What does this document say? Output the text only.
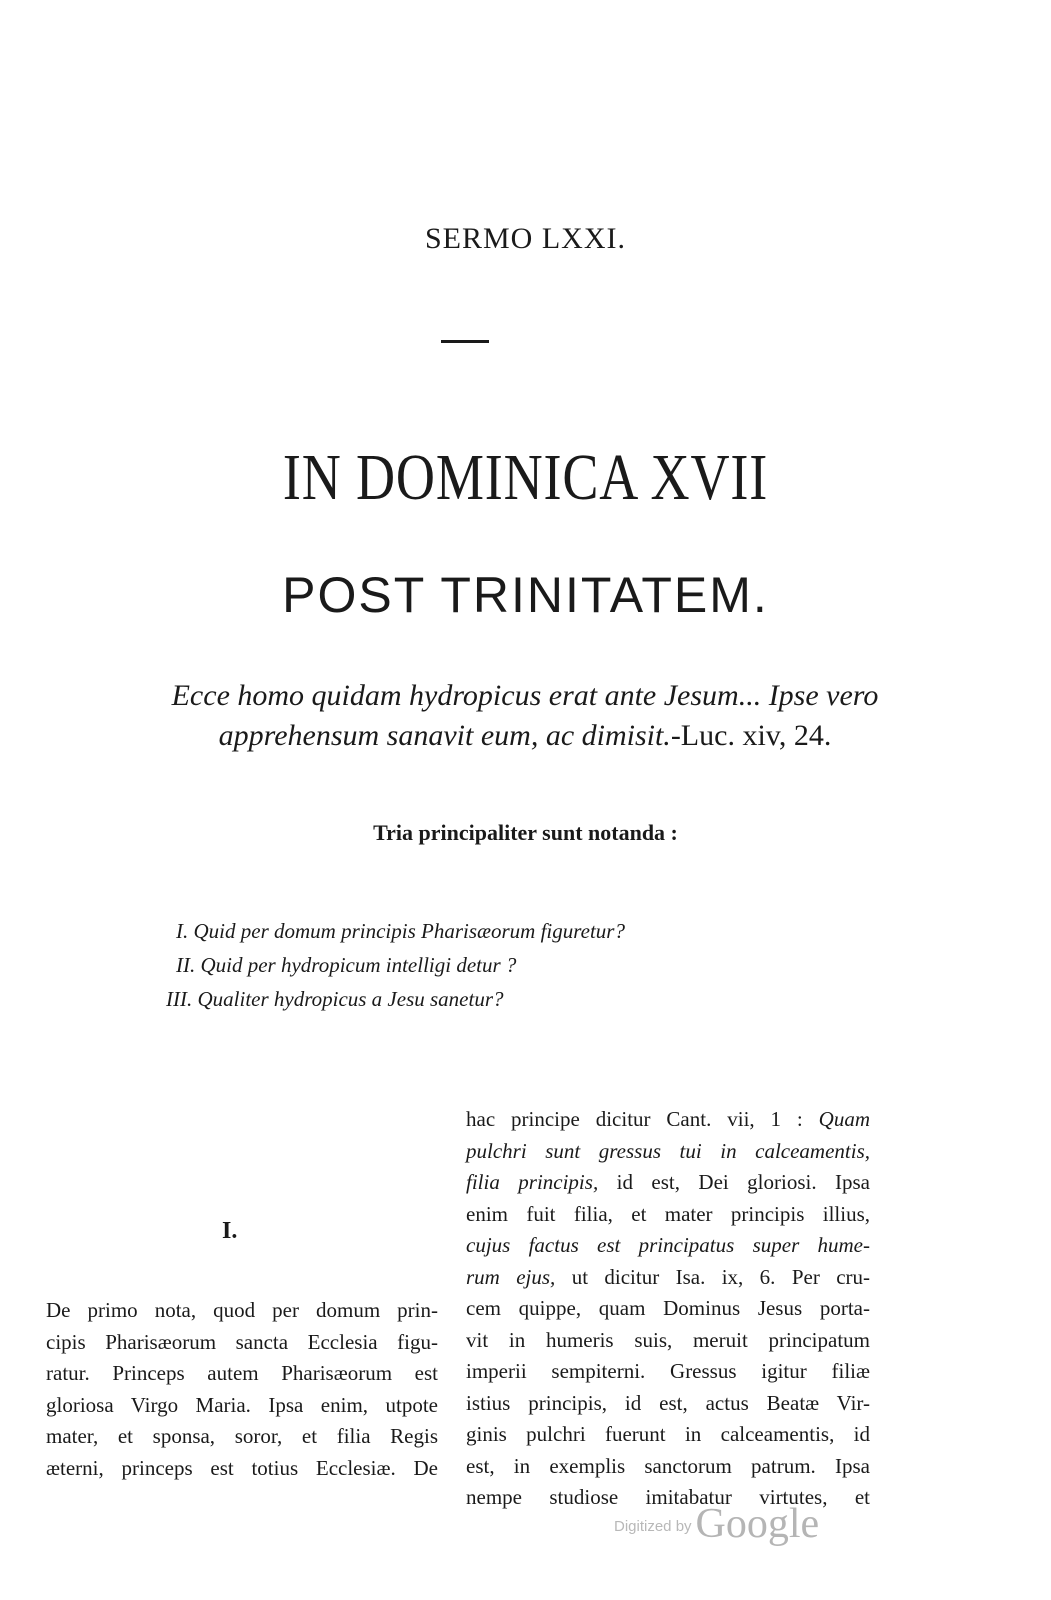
SERMO LXXI.
IN DOMINICA XVII
POST TRINITATEM.
Ecce homo quidam hydropicus erat ante Jesum... Ipse vero
apprehensum sanavit eum, ac dimisit.-Luc. xiv, 24.
Tria principaliter sunt notanda :
I. Quid per domum principis Pharisæorum figuretur?
II. Quid per hydropicum intelligi detur ?
III. Qualiter hydropicus a Jesu sanetur?
I.
De primo nota, quod per domum prin-
cipis Pharisæorum sancta Ecclesia figu-
ratur. Princeps autem Pharisæorum est
gloriosa Virgo Maria. Ipsa enim, utpote
mater, et sponsa, soror, et filia Regis
æterni, princeps est totius Ecclesiæ. De
hac principe dicitur Cant. vii, 1 : Quam
pulchri sunt gressus tui in calceamentis,
filia principis, id est, Dei gloriosi. Ipsa
enim fuit filia, et mater principis illius,
cujus factus est principatus super hume-
rum ejus, ut dicitur Isa. ix, 6. Per cru-
cem quippe, quam Dominus Jesus porta-
vit in humeris suis, meruit principatum
imperii sempiterni. Gressus igitur filiæ
istius principis, id est, actus Beatæ Vir-
ginis pulchri fuerunt in calceamentis, id
est, in exemplis sanctorum patrum. Ipsa
nempe studiose imitabatur virtutes, et
Digitized byGoogle
